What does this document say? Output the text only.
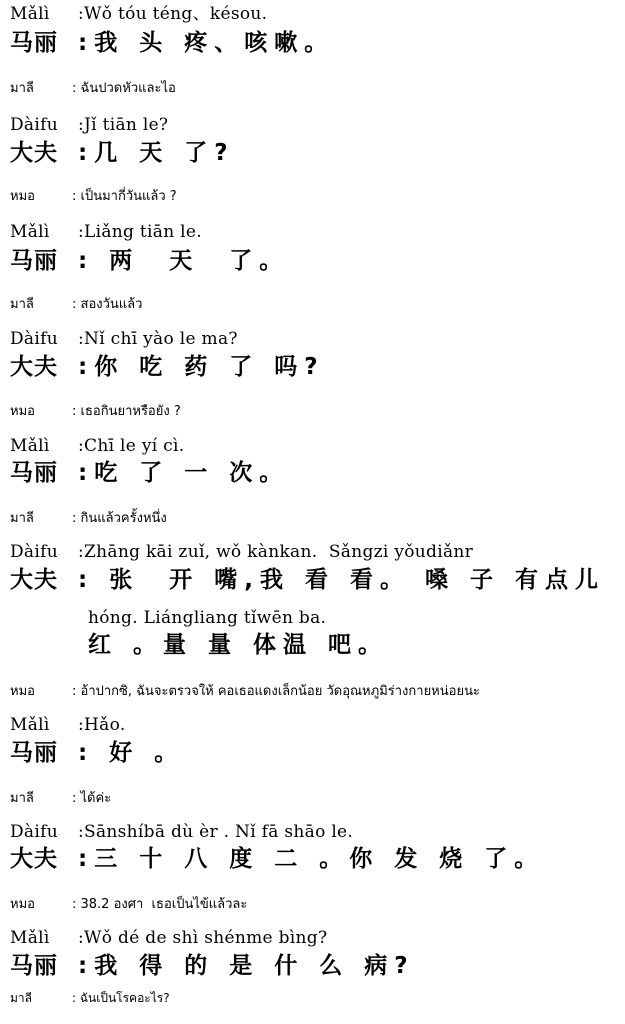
Mǎlì :Wǒ tóu téng、késou.
马丽 :我 头 疼、咳嗽。
มาลี	: ฉันปวดหัวและไอ
Dàifu :Jǐ tiān le?
大夫 :几 天 了?
หมอ	: เป็นมากี่วันแล้ว ?
Mǎlì :Liǎng tiān le.
马丽 : 两  天  了。
มาลี	: สองวันแล้ว
Dàifu :Nǐ chī yào le ma?
大夫 :你 吃 药 了 吗?
หมอ	: เธอกินยาหรือยัง ?
Mǎlì :Chī le yí cì.
马丽 :吃 了 一 次。
มาลี	: กินแล้วครั้งหนึ่ง
Dàifu :Zhāng kāi zuǐ, wǒ kànkan.  Sǎngzi yǒudiǎnr
大夫 : 张  开 嘴,我 看 看。 嗓 子 有点儿
hóng. Liángliang tǐwēn ba.
红 。量 量 体温 吧。
หมอ	: อ้าปากซิ, ฉันจะตรวจให้ คอเธอแดงเล็กน้อย วัดอุณหภูมิร่างกายหน่อยนะ
Mǎlì :Hǎo.
马丽 : 好 。
มาลี	: ได้ค่ะ
Dàifu :Sānshíbā dù èr . Nǐ fā shāo le.
大夫 :三 十 八 度 二 。你 发 烧 了。
หมอ	: 38.2 องศา  เธอเป็นไข้แล้วละ
Mǎlì :Wǒ dé de shì shénme bìng?
马丽 :我 得 的 是 什 么 病?
มาลี	: ฉันเป็นโรคอะไร?
